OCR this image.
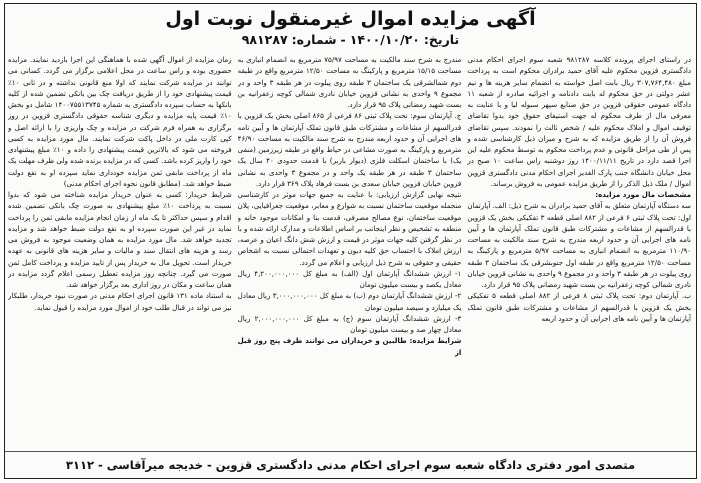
آگهی مزایده اموال غیرمنقول نوبت اول
تاریخ:۱۴۰۰/۱۰/۲۰-شماره:۹۸۱۲۸۷

در راستای اجرای پرونده کلاسه ۹۸۱۲۸۷ شعبه سوم اجرای احکام مدنی دادگستری قزوین محکوم علیه آقای حمید برادران محکوم است به پرداخت مبلغ ۳۰۷,۷۶۴,۴۸۰ ریال بابت اصل خواسته به انضمام سایر هزینه ها و نیم عشر دولتی در حق محکوم له بابت دادنامه و اجرائیه صادره از شعبه ۱۱ دادگاه عمومی حقوقی قزوین در حق صنایع سپهر سبوله لیا و با عنایت به معرفی مال از طرف محکوم له جهت استیفای حقوق خود بدوا تقاضای توقیف اموال و املاک محکوم علیه / شخص ثالث را نمودند. سپس تقاضای فروش آن را از طریق مزایده که به شرح و میزان ذیل کارشناسی شده و پس از طی مراحل قانونی و عدم پرداخت محکوم به توسط محکوم علیه این اجرا قصد دارد در تاریخ ۱۴۰۰/۱۱/۱۱ روز دوشنبه راس ساعت ۱۰ صبح در محل خیابان دانشگاه جنب پارک الغدیر اجرای احکام مدنی دادگستری قزوین اموال / ملک ذیل الذکر را از طریق مزایده عمومی به فروش برساند.

مشخصات مال مورد مزایده:

سه دستگاه آپارتمان متعلق به آقای حمید برادران به شرح ذیل: الف. آپارتمان اول: تحت پلاک ثبتی ۶ فرعی از ۸۸۲ اصلی قطعه ۳ تفکیکی بخش یک قزوین با قدرالسهم از مشاعات و مشترکات طبق قانون تملک آپارتمان ها و آیین نامه های اجرایی آن و حدود اربعه مندرج به شرح سند مالکیت به مساحت ۱۱۰/۹۰ مترمربع به انضمام انباری به مساحت ۵/۹۷ مترمربع و پارکینگ به مساحت ۱۲/۵۰ مترمربع واقع در طبقه اول جنوبشرقی یک ساختمان ۳ طبقه روی پیلوت در هر طبقه ۳ واحد و در مجموع ۹ واحدی به نشانی قزوین خیابان نادری شمالی کوچه زعفرانیه بن بست شهید رمضانی پلاک ۹۵ قرار دارد.

ب. آپارتمان دوم: تحت پلاک ثبتی ۸ فرعی از ۸۸۲ اصلی قطعه ۵ تفکیکی بخش یک قزوین با قدرالسهم از مشاعات و مشترکات طبق قانون تملک آپارتمان ها و آیین نامه های اجرایی آن و حدود اربعه

مندرج به شرح سند مالکیت به مساحت ۷۵/۹۷ مترمربع به انضمام انباری به مساحت ۱۵/۱۵ مترمربع و پارکینگ به مساحت ۱۲/۵۰ مترمربع واقع در طبقه دوم شمالشرقی یک ساختمان ۳ طبقه روی پیلوت در هر طبقه ۳ واحد و در مجموع ۹ واحدی به نشانی قزوین خیابان نادری شمالی کوچه زعفرانیه بن بست شهید رمضانی پلاک ۹۵ قرار دارد.

ج. آپارتمان سوم: تحت پلاک ثبتی ۸۶ فرعی از ۸۶۵ اصلی بخش یک قزوین با قدرالسهم از مشاعات و مشترکات طبق قانون تملک آپارتمان ها و آیین نامه های اجرایی آن و حدود اربعه مندرج به شرح سند مالکیت به مساحت ۴۶/۹۰ مترمربع و پارکینگ به صورت مشاعی در حیاط واقع در طبقه زیرزمین (منفی یک) با ساختمان اسکلت فلزی (دیوار باربر) با قدمت حدودی ۴۰ سال یک ساختمان ۳ طبقه در هر طبقه یک واحد و در مجموع ۳ واحدی به نشانی قزوین خیابان قزوین خیابان سعدی بن بست فرهاد پلاک ۳۶۹ قرار دارد.

نتیجه نهایی گزارش ارزیابی: با عنایت به جمیع جهات موثر در کارشناسی منجمله موقعیت ساختمان نسبت به شوارع و معابر، موقعیت جغرافیایی، پلان موقعیت ساختمان، نوع مصالح مصرفی، قدمت بنا و امکانات موجود خانه و منطقه به تشخیص و نظر اینجانب بر اساس اطلاعات و مدارک ارائه شده و با در نظر گرفتن کلیه جهات موثر در قیمت و ارزش شش دانگ اعیان و عرصه، ارزش املاک با احتساب حق کلیه دیون و تعهدات احتمالی نسبت به اشخاص حقیقی و حقوقی به شرح ذیل ارزیابی و اعلام می گردد.

۱- ارزش ششدانگ آپارتمان اول (الف) به مبلغ کل ۴,۲۰۰,۰۰۰,۰۰۰ ریال معادل یکصد و بیست میلیون تومان

۲- ارزش ششدانگ آپارتمان دوم (ب) به مبلغ کل ۳,۰۰۰,۰۰۰,۰۰۰ ریال معادل یک میلیارد و سیصد میلیون تومان

۳- ارزش ششدانگ آپارتمان سوم (ج) به مبلغ کل ۲,۰۰۰,۰۰۰,۰۰۰ ریال معادل چهار صد و بیست میلیون تومان

شرایط مزایده: طالبین و خریداران می توانند ظرف پنج روز قبل از

زمان مزایده از اموال آگهی شده با هماهنگی این اجرا بازدید نمایند. مزایده حضوری بوده و راس ساعت در محل اعلامی برگزار می گردد. کسانی می توانند در مزایده شرکت نمایند که اولا منع قانونی نداشته و در ثانی ۱۰٪ قیمت پیشنهادی خود را از طریق دریافت چک بین بانکی تضمین شده از کلیه بانکها به حساب سپرده دادگستری به شماره ۱۴۰۰۷۵۵۱۳۷۴۵ شامل دو بخش ۱۰٪ قیمت پایه مزایده و دیگری شناسه حقوقی دادگستری قزوین در روز برگزاری به همراه فرم شرکت در مزایده و چک واریزی را با ارائه اصل و کپی کارت ملی در داخل پاکت شرکت نمایند. مال مورد مزایده به کسی فروخته می شود که بالاترین قیمت پیشنهادی را داده و ۱۰٪ مبلغ پیشنهادی خود را واریز کرده باشد. کسی که در مزایده برنده شده ولی ظرف مهلت یک ماه از پرداخت مابقی ثمن مزایده خودداری نماید سپرده او به نفع دولت ضبط خواهد شد. (مطابق قانون نحوه اجرای احکام مدنی)

شرایط خریدار: کسی به عنوان خریدار مزایده شناخته می شود که بدوا نسبت به پرداخت ۱۰٪ مبلغ پیشنهادی به صورت چک بانکی تضمین شده اقدام و سپس حداکثر تا یک ماه از زمان انجام مزایده مابقی ثمن را پرداخت نماید در غیر این صورت سپرده او به نفع دولت ضبط خواهد شد و مزایده تجدید خواهد شد. مال مورد مزایده به همان وضعیت موجود به فروش می رسد و هزینه های انتقال سند و مالیات و سایر هزینه های قانونی به عهده خریدار است. تحویل مال به خریدار پس از تایید مزایده و پرداخت کامل ثمن صورت می گیرد. چنانچه روز مزایده تعطیل رسمی اعلام گردد مزایده در همان ساعت و مکان در روز اداری بعد برگزار خواهد شد.

به استناد ماده ۱۳۱ قانون اجرای احکام مدنی در صورت نبود خریدار، طلبکار نیز می تواند در قبال طلب خود از اموال مورد مزایده را قبول نماید.

متصدی امور دفتری دادگاه شعبه سوم اجرای احکام مدنی دادگستری قزوین - خدیجه میرآقاسی - ۳۱۱۲
